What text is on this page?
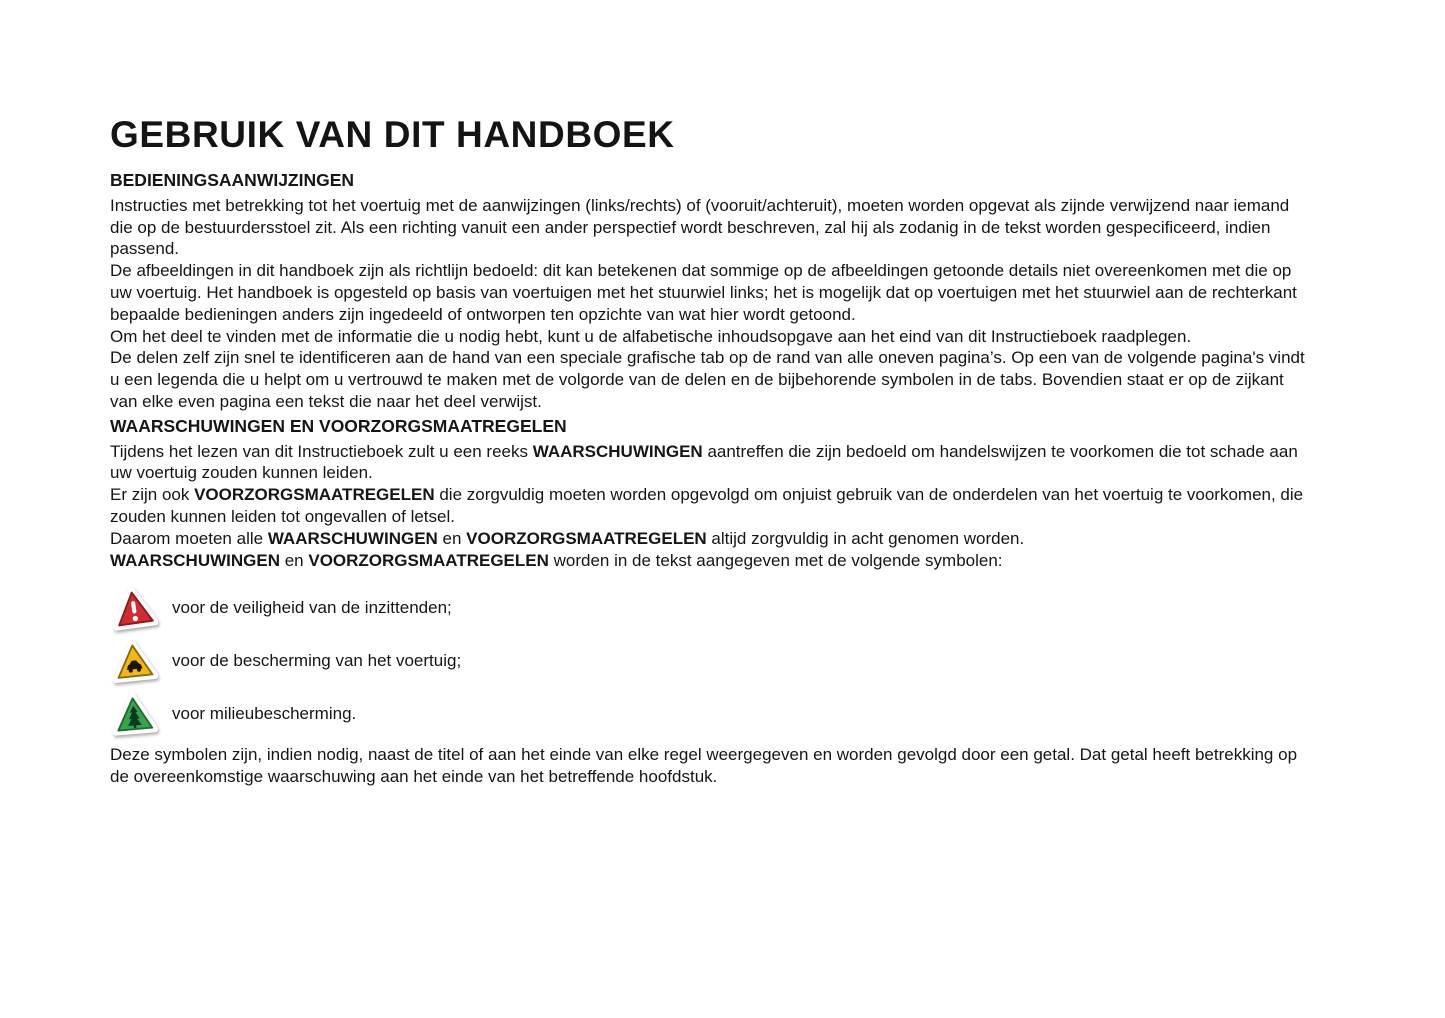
GEBRUIK VAN DIT HANDBOEK
BEDIENINGSAANWIJZINGEN

Instructies met betrekking tot het voertuig met de aanwijzingen (links/rechts) of (vooruit/achteruit), moeten worden opgevat als zijnde verwijzend naar iemand die op de bestuurdersstoel zit. Als een richting vanuit een ander perspectief wordt beschreven, zal hij als zodanig in de tekst worden gespecificeerd, indien passend.

De afbeeldingen in dit handboek zijn als richtlijn bedoeld: dit kan betekenen dat sommige op de afbeeldingen getoonde details niet overeenkomen met die op uw voertuig. Het handboek is opgesteld op basis van voertuigen met het stuurwiel links; het is mogelijk dat op voertuigen met het stuurwiel aan de rechterkant bepaalde bedieningen anders zijn ingedeeld of ontworpen ten opzichte van wat hier wordt getoond.

Om het deel te vinden met de informatie die u nodig hebt, kunt u de alfabetische inhoudsopgave aan het eind van dit Instructieboek raadplegen.

De delen zelf zijn snel te identificeren aan de hand van een speciale grafische tab op de rand van alle oneven pagina’s. Op een van de volgende pagina's vindt u een legenda die u helpt om u vertrouwd te maken met de volgorde van de delen en de bijbehorende symbolen in de tabs. Bovendien staat er op de zijkant van elke even pagina een tekst die naar het deel verwijst.

WAARSCHUWINGEN EN VOORZORGSMAATREGELEN

Tijdens het lezen van dit Instructieboek zult u een reeks WAARSCHUWINGEN aantreffen die zijn bedoeld om handelswijzen te voorkomen die tot schade aan uw voertuig zouden kunnen leiden.

Er zijn ook VOORZORGSMAATREGELEN die zorgvuldig moeten worden opgevolgd om onjuist gebruik van de onderdelen van het voertuig te voorkomen, die zouden kunnen leiden tot ongevallen of letsel.

Daarom moeten alle WAARSCHUWINGEN en VOORZORGSMAATREGELEN altijd zorgvuldig in acht genomen worden.

WAARSCHUWINGEN en VOORZORGSMAATREGELEN worden in de tekst aangegeven met de volgende symbolen:

voor de veiligheid van de inzittenden;
voor de bescherming van het voertuig;
voor milieubescherming.

Deze symbolen zijn, indien nodig, naast de titel of aan het einde van elke regel weergegeven en worden gevolgd door een getal. Dat getal heeft betrekking op de overeenkomstige waarschuwing aan het einde van het betreffende hoofdstuk.
